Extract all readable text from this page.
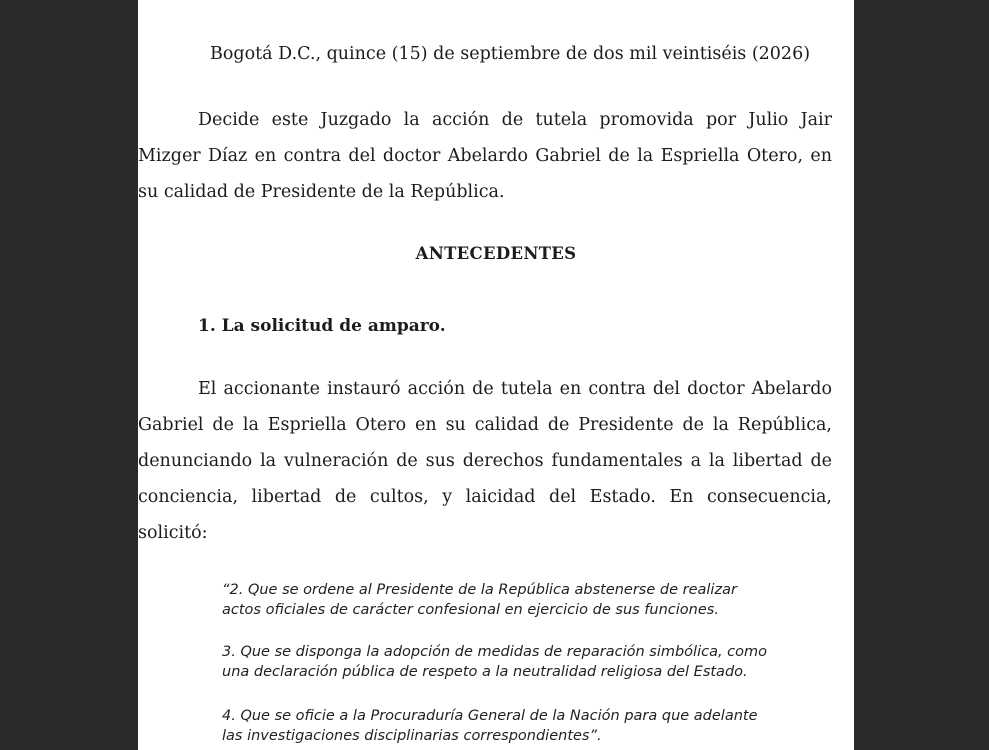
Bogotá D.C., quince (15) de septiembre de dos mil veintiséis (2026)
Decide este Juzgado la acción de tutela promovida por Julio Jair
Mizger Díaz en contra del doctor Abelardo Gabriel de la Espriella Otero, en
su calidad de Presidente de la República.
ANTECEDENTES
1. La solicitud de amparo.
El accionante instauró acción de tutela en contra del doctor Abelardo
Gabriel de la Espriella Otero en su calidad de Presidente de la República,
denunciando la vulneración de sus derechos fundamentales a la libertad de
conciencia, libertad de cultos, y laicidad del Estado. En consecuencia,
solicitó:
“2. Que se ordene al Presidente de la República abstenerse de realizar
actos oficiales de carácter confesional en ejercicio de sus funciones.
3. Que se disponga la adopción de medidas de reparación simbólica, como
una declaración pública de respeto a la neutralidad religiosa del Estado.
4. Que se oficie a la Procuraduría General de la Nación para que adelante
las investigaciones disciplinarias correspondientes”.
